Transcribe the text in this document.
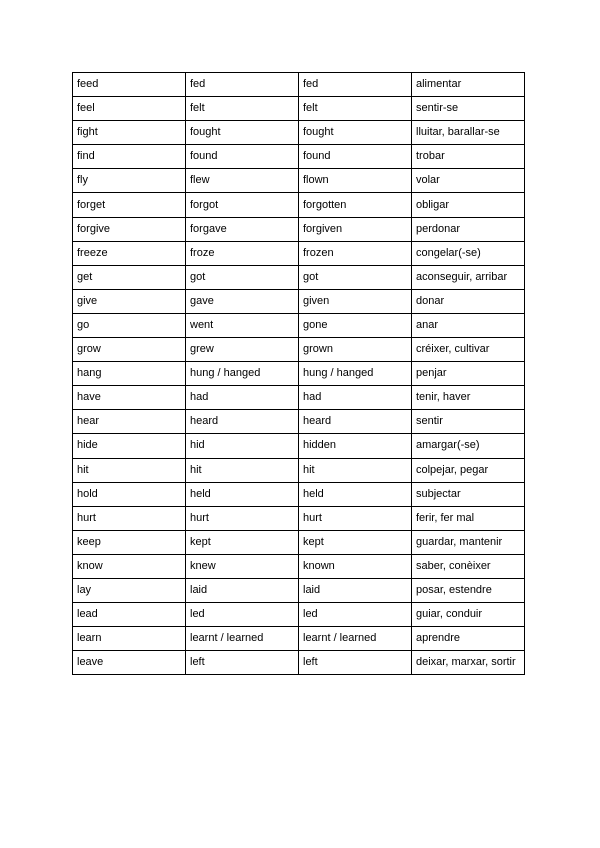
feed	fed	fed	alimentar
feel	felt	felt	sentir-se
fight	fought	fought	lluitar, barallar-se
find	found	found	trobar
fly	flew	flown	volar
forget	forgot	forgotten	obligar
forgive	forgave	forgiven	perdonar
freeze	froze	frozen	congelar(-se)
get	got	got	aconseguir, arribar
give	gave	given	donar
go	went	gone	anar
grow	grew	grown	créixer, cultivar
hang	hung / hanged	hung / hanged	penjar
have	had	had	tenir, haver
hear	heard	heard	sentir
hide	hid	hidden	amargar(-se)
hit	hit	hit	colpejar, pegar
hold	held	held	subjectar
hurt	hurt	hurt	ferir, fer mal
keep	kept	kept	guardar, mantenir
know	knew	known	saber, conèixer
lay	laid	laid	posar, estendre
lead	led	led	guiar, conduir
learn	learnt / learned	learnt / learned	aprendre
leave	left	left	deixar, marxar, sortir
